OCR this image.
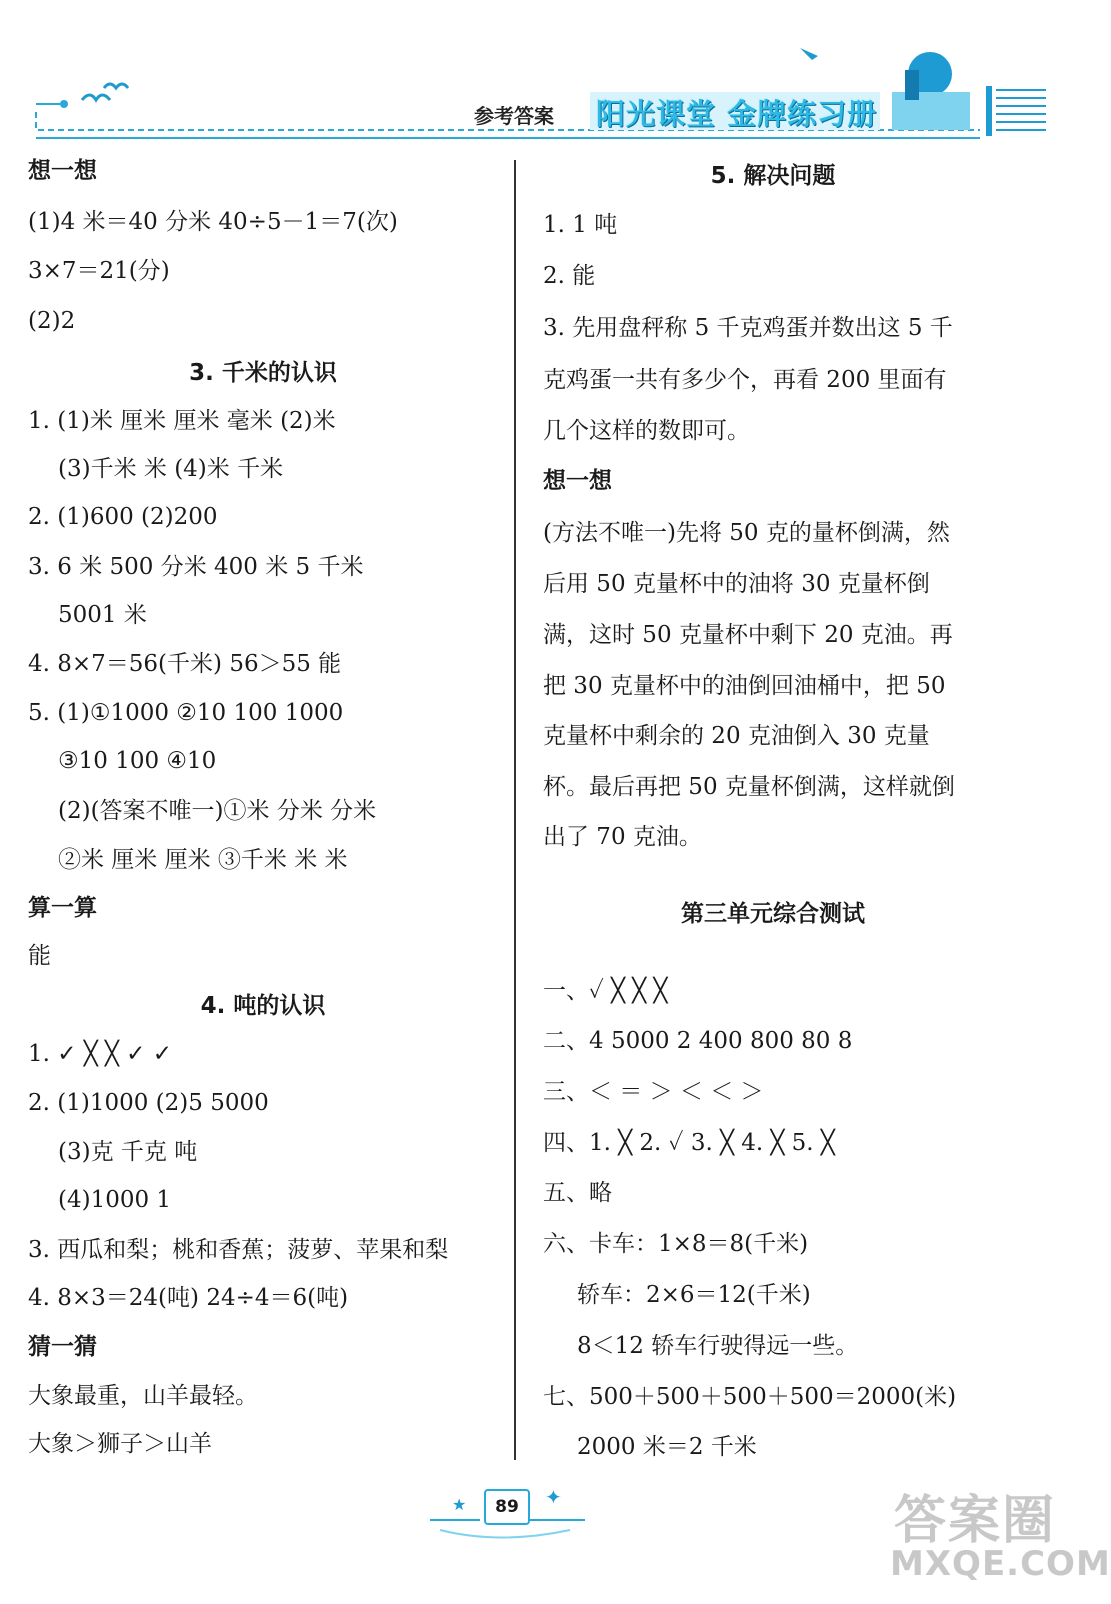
参考答案 阳光课堂 金牌练习册
想一想
(1)4 米＝40 分米 40÷5－1＝7(次)
3×7＝21(分)
(2)2
3. 千米的认识
1. (1)米 厘米 厘米 毫米 (2)米
(3)千米 米 (4)米 千米
2. (1)600 (2)200
3. 6 米 500 分米 400 米 5 千米
5001 米
4. 8×7＝56(千米) 56＞55 能
5. (1)①1000 ②10 100 1000
③10 100 ④10
(2)(答案不唯一)①米 分米 分米
②米 厘米 厘米 ③千米 米 米
算一算
能
4. 吨的认识
1. ✓ ╳ ╳ ✓ ✓
2. (1)1000 (2)5 5000
(3)克 千克 吨
(4)1000 1
3. 西瓜和梨；桃和香蕉；菠萝、苹果和梨
4. 8×3＝24(吨) 24÷4＝6(吨)
猜一猜
大象最重，山羊最轻。
大象＞狮子＞山羊
5. 解决问题
1. 1 吨
2. 能
3. 先用盘秤称 5 千克鸡蛋并数出这 5 千
克鸡蛋一共有多少个，再看 200 里面有
几个这样的数即可。
想一想
(方法不唯一)先将 50 克的量杯倒满，然
后用 50 克量杯中的油将 30 克量杯倒
满，这时 50 克量杯中剩下 20 克油。再
把 30 克量杯中的油倒回油桶中，把 50
克量杯中剩余的 20 克油倒入 30 克量
杯。最后再把 50 克量杯倒满，这样就倒
出了 70 克油。
第三单元综合测试
一、✓ ╳ ╳ ╳
二、4 5000 2 400 800 80 8
三、＜ ＝ ＞ ＜ ＜ ＞
四、1. ╳ 2. ✓ 3. ╳ 4. ╳ 5. ╳
五、略
六、卡车：1×8＝8(千米)
轿车：2×6＝12(千米)
8＜12 轿车行驶得远一些。
七、500＋500＋500＋500＝2000(米)
2000 米＝2 千米
★	✦
89	答案圈
MXQE.COM
